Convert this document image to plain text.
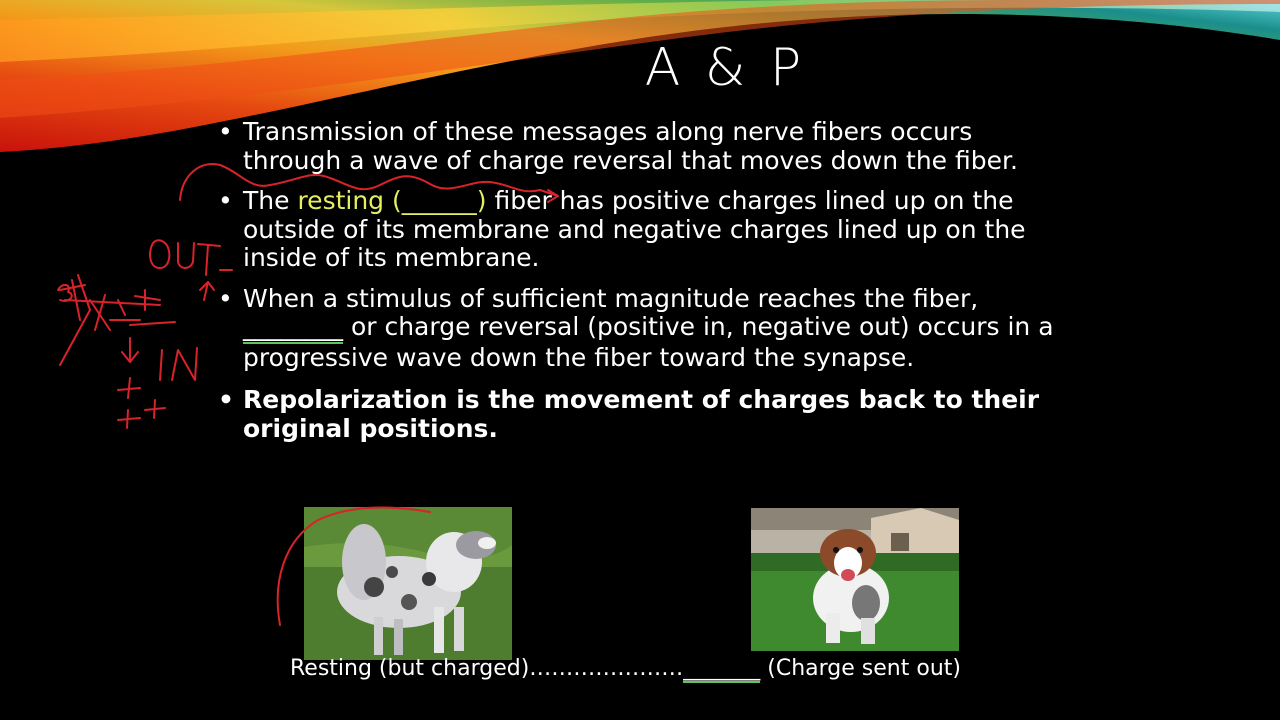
A & P
• Transmission of these messages along nerve fibers occurs through a wave of charge reversal that moves down the fiber.
• The resting (______) fiber has positive charges lined up on the outside of its membrane and negative charges lined up on the inside of its membrane.
• When a stimulus of sufficient magnitude reaches the fiber, ________ or charge reversal (positive in, negative out) occurs in a progressive wave down the fiber toward the synapse.
• Repolarization is the movement of charges back to their original positions.
Resting (but charged)…………………_______ (Charge sent out)
